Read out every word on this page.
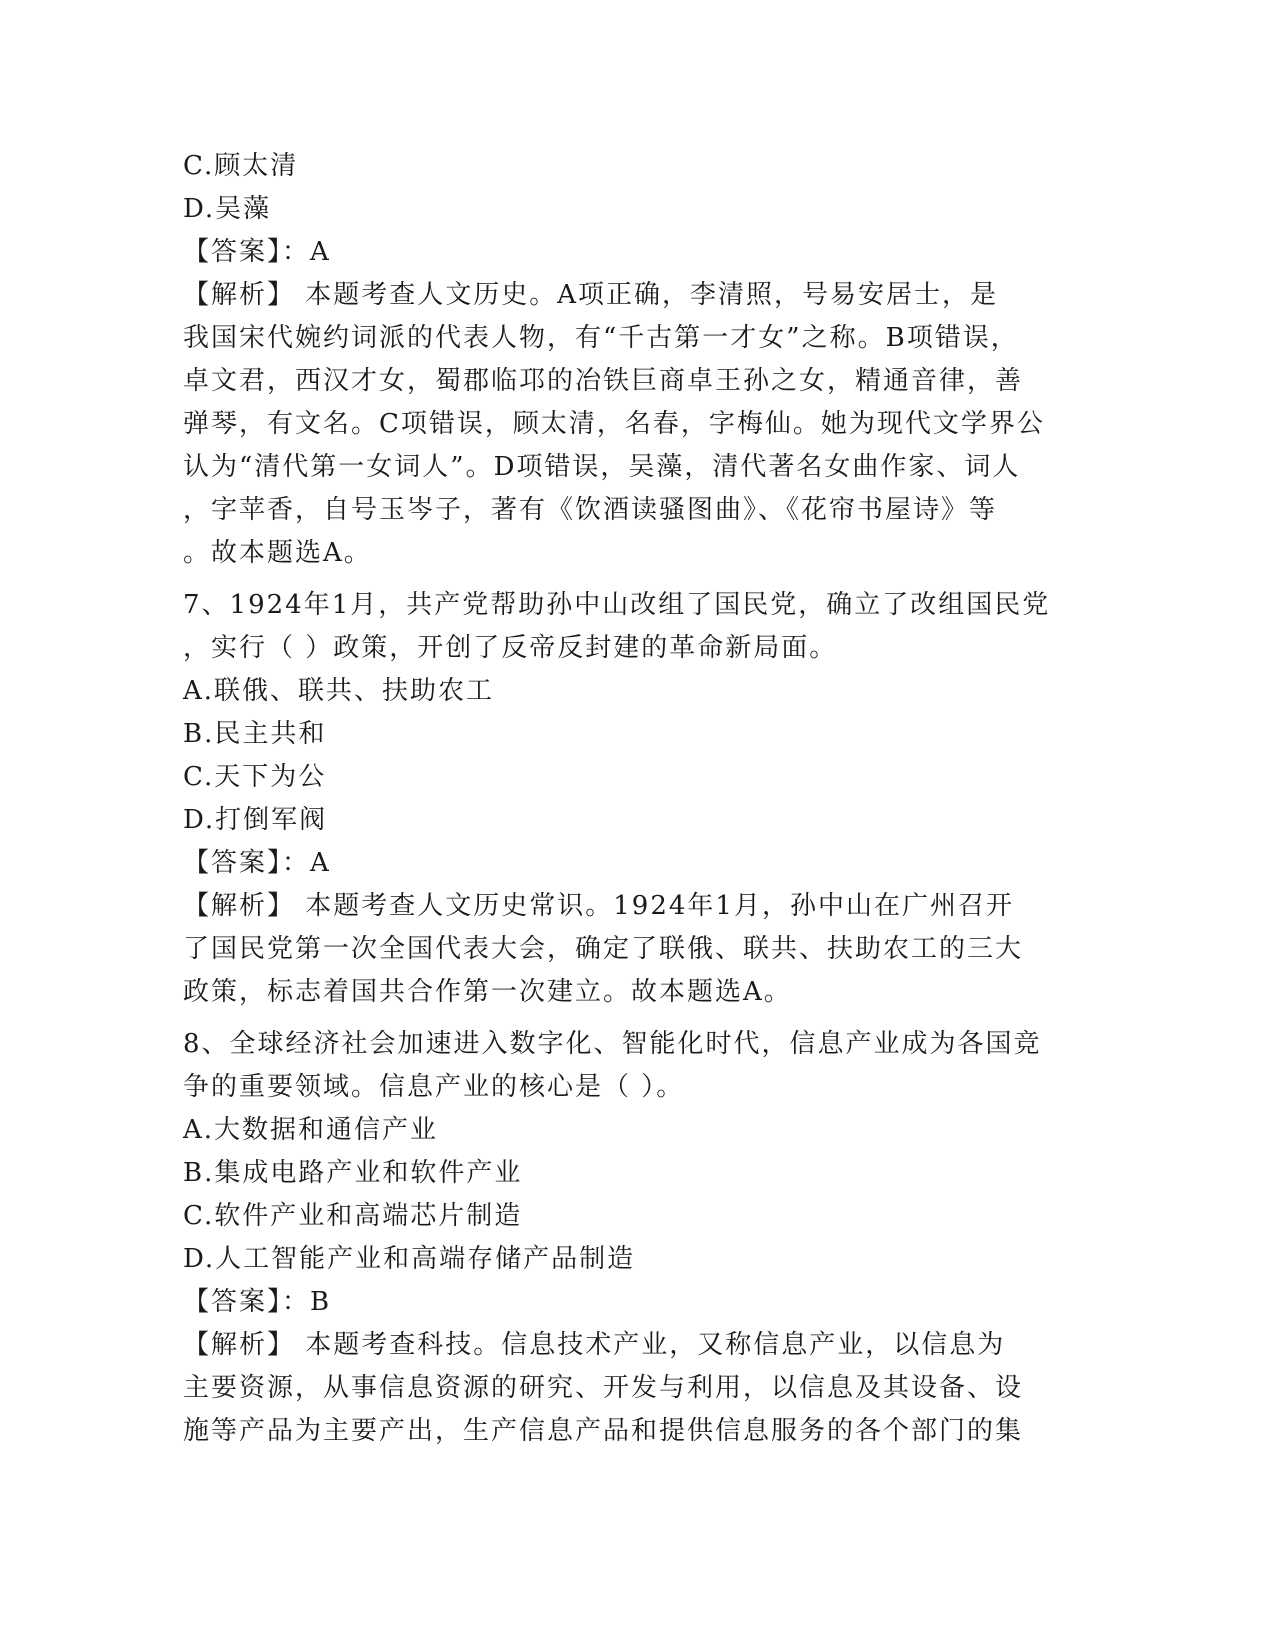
C.顾太清
D.吴藻
【答案】：A
【解析】 本题考查人文历史。A项正确，李清照，号易安居士，是
我国宋代婉约词派的代表人物，有“千古第一才女”之称。B项错误，
卓文君，西汉才女，蜀郡临邛的冶铁巨商卓王孙之女，精通音律，善
弹琴，有文名。C项错误，顾太清，名春，字梅仙。她为现代文学界公
认为“清代第一女词人”。D项错误，吴藻，清代著名女曲作家、词人
，字苹香，自号玉岑子，著有《饮酒读骚图曲》、《花帘书屋诗》等
。故本题选A。
7、1924年1月，共产党帮助孙中山改组了国民党，确立了改组国民党
，实行（ ）政策，开创了反帝反封建的革命新局面。
A.联俄、联共、扶助农工
B.民主共和
C.天下为公
D.打倒军阀
【答案】：A
【解析】 本题考查人文历史常识。1924年1月，孙中山在广州召开
了国民党第一次全国代表大会，确定了联俄、联共、扶助农工的三大
政策，标志着国共合作第一次建立。故本题选A。
8、全球经济社会加速进入数字化、智能化时代，信息产业成为各国竞
争的重要领域。信息产业的核心是（ ）。
A.大数据和通信产业
B.集成电路产业和软件产业
C.软件产业和高端芯片制造
D.人工智能产业和高端存储产品制造
【答案】：B
【解析】 本题考查科技。信息技术产业，又称信息产业，以信息为
主要资源，从事信息资源的研究、开发与利用，以信息及其设备、设
施等产品为主要产出，生产信息产品和提供信息服务的各个部门的集
